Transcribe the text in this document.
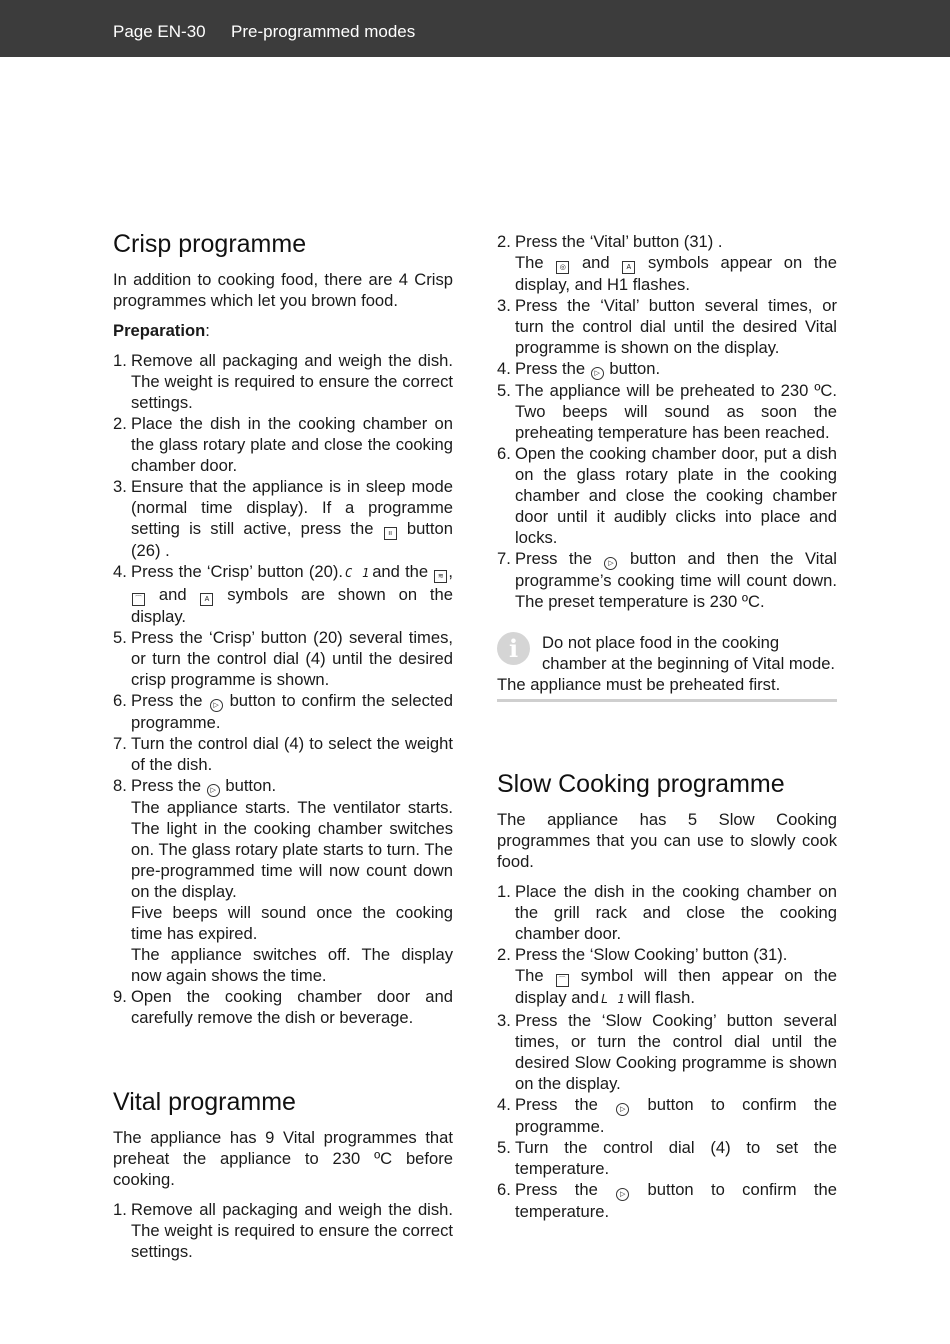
Page EN-30 Pre-programmed modes
Crisp programme

In addition to cooking food, there are 4 Crisp programmes which let you brown food.

Preparation:
1. Remove all packaging and weigh the dish. The weight is required to ensure the correct settings.
2. Place the dish in the cooking chamber on the glass rotary plate and close the cooking chamber door.
3. Ensure that the appliance is in sleep mode (normal time display). If a programme setting is still active, press the ıı button (26) .
4. Press the ‘Crisp’ button (20). C 1 and the ≋ , ⌒ and	A symbols are shown on the display.
5. Press the ‘Crisp’ button (20) several times, or turn the control dial (4) until the desired crisp programme is shown.
6. Press the ▷ button to confirm the selected programme.
7. Turn the control dial (4) to select the weight of the dish.
8. Press the ▷ button.
The appliance starts. The ventilator starts. The light in the cooking chamber switches on. The glass rotary plate starts to turn. The pre-programmed time will now count down on the display.
Five beeps will sound once the cooking time has expired.
The appliance switches off. The display now again shows the time.
9. Open the cooking chamber door and carefully remove the dish or beverage.
Vital programme

The appliance has 9 Vital programmes that preheat the appliance to 230 ºC before cooking.

1. Remove all packaging and weigh the dish. The weight is required to ensure the correct settings.
2. Press the ‘Vital’ button (31) .
The ◎ and A symbols appear on the display, and H1 flashes.
3. Press the ‘Vital’ button several times, or turn the control dial until the desired Vital programme is shown on the display.
4. Press the ▷ button.
5. The appliance will be preheated to 230 ºC. Two beeps will sound as soon the preheating temperature has been reached.
6. Open the cooking chamber door, put a dish on the glass rotary plate in the cooking chamber and close the cooking chamber door until it audibly clicks into place and locks.
7. Press the ▷ button and then the Vital programme’s cooking time will count down. The preset temperature is 230 ºC.
i	Do not place food in the cooking chamber at the beginning of Vital mode. The appliance must be preheated first.

Slow Cooking programme

The appliance has 5 Slow Cooking programmes that you can use to slowly cook food.

1. Place the dish in the cooking chamber on the grill rack and close the cooking chamber door.
2. Press the ‘Slow Cooking’ button (31).
The ⌒ symbol will then appear on the display and L 1 will flash.
3. Press the ‘Slow Cooking’ button several times, or turn the control dial until the desired Slow Cooking programme is shown on the display.
4. Press the	▷ button to confirm the programme.
5. Turn the control dial (4) to set the temperature.
6. Press the	▷ button to confirm the temperature.
